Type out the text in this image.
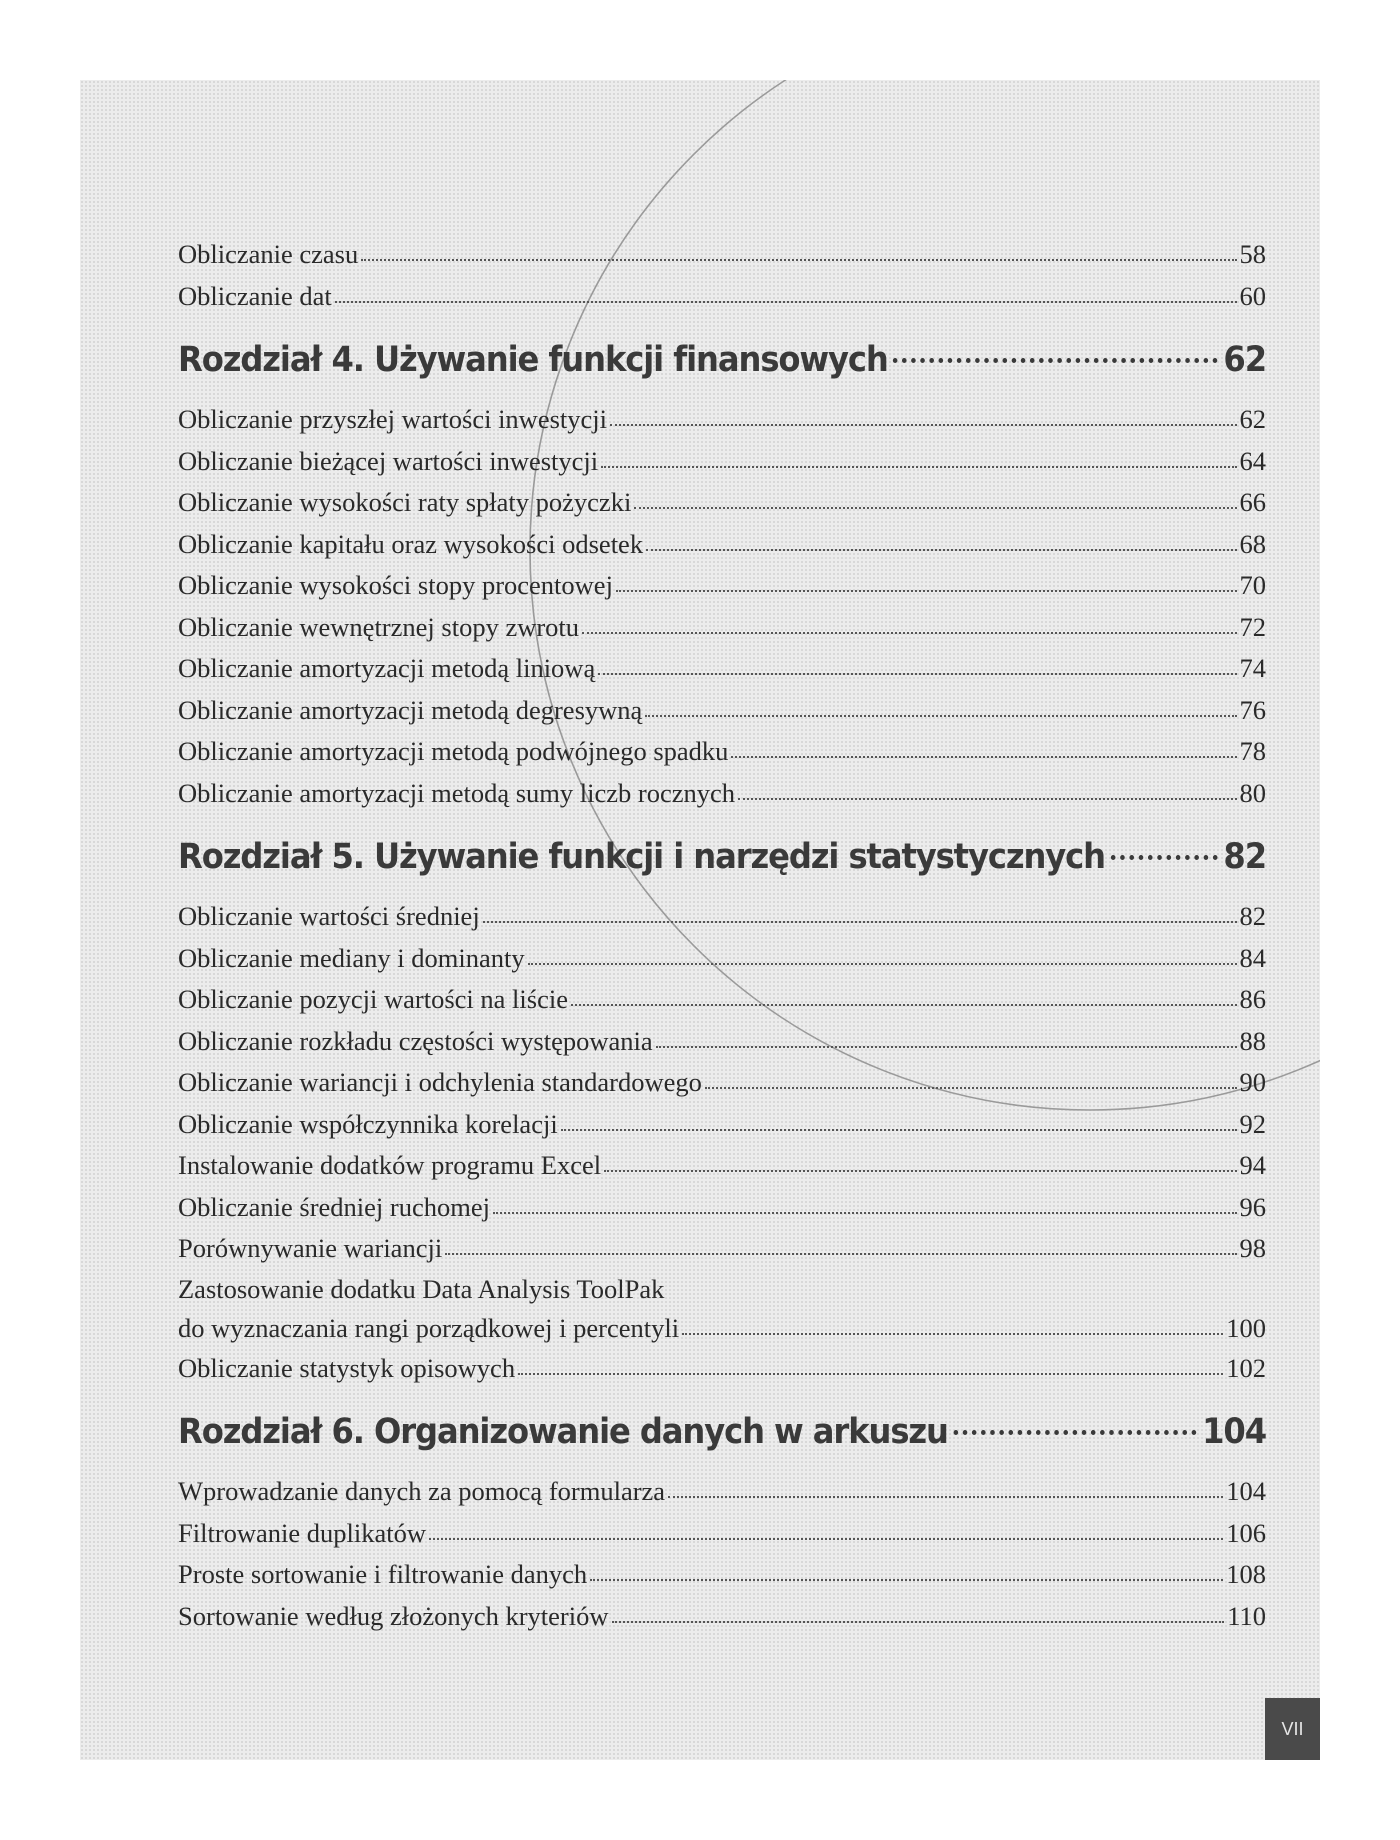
Obliczanie czasu	58
Obliczanie dat	60
Rozdział 4. Używanie funkcji finansowych	62
Obliczanie przyszłej wartości inwestycji	62
Obliczanie bieżącej wartości inwestycji	64
Obliczanie wysokości raty spłaty pożyczki	66
Obliczanie kapitału oraz wysokości odsetek	68
Obliczanie wysokości stopy procentowej	70
Obliczanie wewnętrznej stopy zwrotu	72
Obliczanie amortyzacji metodą liniową	74
Obliczanie amortyzacji metodą degresywną	76
Obliczanie amortyzacji metodą podwójnego spadku	78
Obliczanie amortyzacji metodą sumy liczb rocznych	80
Rozdział 5. Używanie funkcji i narzędzi statystycznych	82
Obliczanie wartości średniej	82
Obliczanie mediany i dominanty	84
Obliczanie pozycji wartości na liście	86
Obliczanie rozkładu częstości występowania	88
Obliczanie wariancji i odchylenia standardowego	90
Obliczanie współczynnika korelacji	92
Instalowanie dodatków programu Excel	94
Obliczanie średniej ruchomej	96
Porównywanie wariancji	98
Zastosowanie dodatku Data Analysis ToolPak
do wyznaczania rangi porządkowej i percentyli	100
Obliczanie statystyk opisowych	102
Rozdział 6. Organizowanie danych w arkuszu	104
Wprowadzanie danych za pomocą formularza	104
Filtrowanie duplikatów	106
Proste sortowanie i filtrowanie danych	108
Sortowanie według złożonych kryteriów	110
VII
